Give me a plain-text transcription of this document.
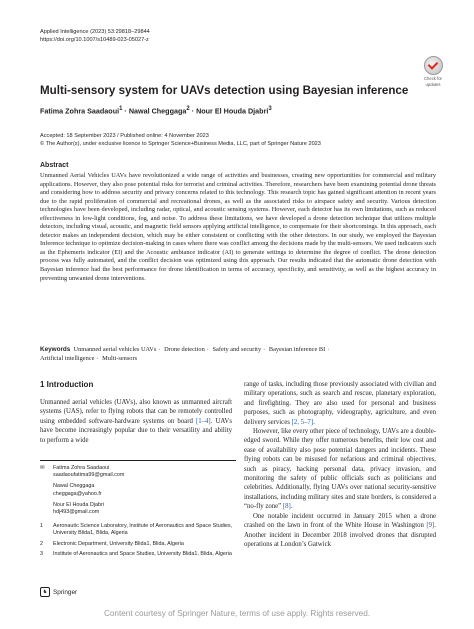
Applied Intelligence (2023) 53:29818–29844
https://doi.org/10.1007/s10489-023-05027-z
Check for
updates
Multi-sensory system for UAVs detection using Bayesian inference
Fatima Zohra Saadaoui$^1$ · Nawal Cheggaga$^2$ · Nour El Houda Djabri$^3$
Accepted: 18 September 2023 / Published online: 4 November 2023
© The Author(s), under exclusive licence to Springer Science+Business Media, LLC, part of Springer Nature 2023
Abstract
Unmanned Aerial Vehicles UAVs have revolutionized a wide range of activities and businesses, creating new opportunities for commercial and military applications. However, they also pose potential risks for terrorist and criminal activities. Therefore, researchers have been examining potential drone threats and considering how to address security and privacy concerns related to this technology. This research topic has gained significant attention in recent years due to the rapid proliferation of commercial and recreational drones, as well as the associated risks to airspace safety and security. Various detection technologies have been developed, including radar, optical, and acoustic sensing systems. However, each detector has its own limitations, such as reduced effectiveness in low-light conditions, fog, and noise. To address these limitations, we have developed a drone detection technique that utilizes multiple detectors, including visual, acoustic, and magnetic field sensors applying artificial intelligence, to compensate for their shortcomings. In this approach, each detector makes an independent decision, which may be either consistent or conflicting with the other detectors. In our study, we employed the Bayesian Inference technique to optimize decision-making in cases where there was conflict among the decisions made by the multi-sensors. We used indicators such as the Ephemeris indicator (EI) and the Acoustic ambiance indicator (AI) to generate settings to determine the degree of conflict. The drone detection process was fully automated, and the conflict decision was optimized using this approach. Our results indicated that the automatic drone detection with Bayesian inference had the best performance for drone identification in terms of accuracy, specificity, and sensitivity, as well as the highest accuracy in preventing unwanted drone interventions.
Keywords Unmanned aerial vehicles UAVs · Drone detection · Safety and security · Bayesian inference BI ·
Artificial intelligence · Multi-sensors
1 Introduction

Unmanned aerial vehicles (UAVs), also known as unmanned aircraft systems (UAS), refer to flying robots that can be remotely controlled using embedded software-hardware systems on board [1–4]. UAVs have become increasingly popular due to their versatility and ability to perform a wide

range of tasks, including those previously associated with civilian and military operations, such as search and rescue, planetary exploration, and firefighting. They are also used for personal and business purposes, such as photography, videography, agriculture, and even delivery services [2, 5–7].

However, like every other piece of technology, UAVs are a double-edged sword. While they offer numerous benefits, their low cost and ease of availability also pose potential dangers and incidents. These flying robots can be misused for nefarious and criminal objectives, such as piracy, hacking personal data, privacy invasion, and monitoring the safety of public officials such as politicians and celebrities. Additionally, flying UAVs over national security-sensitive installations, including military sites and state borders, is considered a “no-fly zone” [8].

One notable incident occurred in January 2015 when a drone crashed on the lawn in front of the White House in Washington [9]. Another incident in December 2018 involved drones that disrupted operations at London’s Gatwick

✉	Fatima Zohra Saadaoui
saadaoufatima99@gmail.com
Nawal Cheggaga
cheggaga@yahoo.fr
Nour El Houda Djabri
hdj493@gmail.com
1	Aeronautic Science Laboratory, Institute of Aeronautics and Space Studies, University Blida1, Blida, Algeria
2	Electronic Department, University Blida1, Blida, Algeria
3	Institute of Aeronautics and Space Studies, University Blida1, Blida, Algeria
♞ Springer
Content courtesy of Springer Nature, terms of use apply. Rights reserved.
